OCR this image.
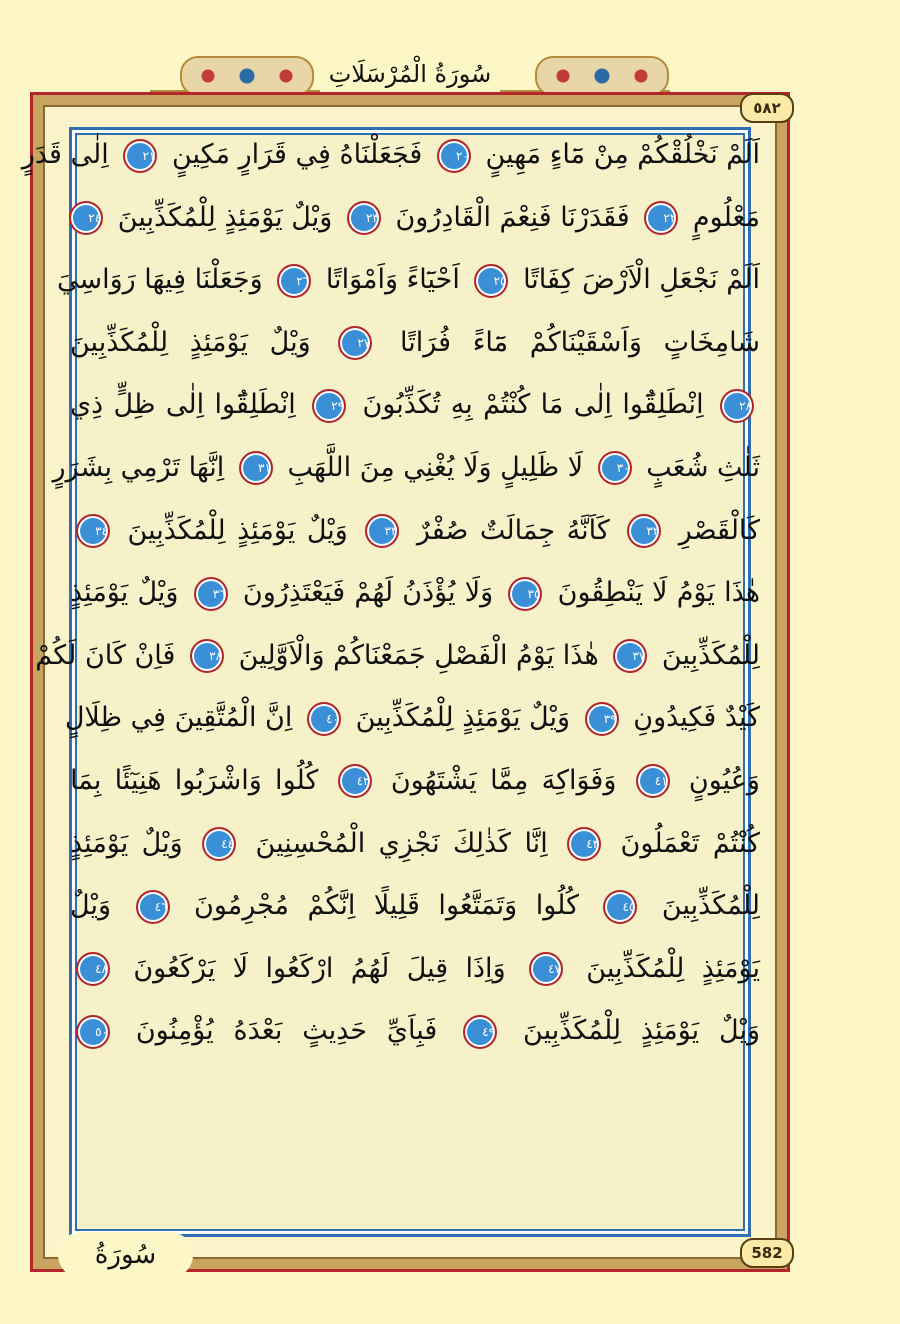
سُورَةُ الْمُرْسَلَاتِ
٥٨٢
اَلَمْ نَخْلُقْكُمْ مِنْ مَٓاءٍ مَهِينٍ ٢٠ فَجَعَلْنَاهُ فِي قَرَارٍ مَكِينٍ ٢١ اِلٰى قَدَرٍ
مَعْلُومٍ ٢٢ فَقَدَرْنَا فَنِعْمَ الْقَادِرُونَ ٢٣ وَيْلٌ يَوْمَئِذٍ لِلْمُكَذِّبِينَ ٢٤
اَلَمْ نَجْعَلِ الْاَرْضَ كِفَاتًا ٢٥ اَحْيَٓاءً وَاَمْوَاتًا ٢٦ وَجَعَلْنَا فِيهَا رَوَاسِيَ
شَامِخَاتٍ وَاَسْقَيْنَاكُمْ مَٓاءً فُرَاتًا ٢٧ وَيْلٌ يَوْمَئِذٍ لِلْمُكَذِّبِينَ
٢٨ اِنْطَلِقُٓوا اِلٰى مَا كُنْتُمْ بِهِ تُكَذِّبُونَ ٢٩ اِنْطَلِقُٓوا اِلٰى ظِلٍّ ذِي
ثَلٰثِ شُعَبٍ ٣٠ لَا ظَلِيلٍ وَلَا يُغْنِي مِنَ اللَّهَبِ ٣١ اِنَّهَا تَرْمِي بِشَرَرٍ
كَالْقَصْرِ ٣٢ كَاَنَّهُ جِمَالَتٌ صُفْرٌ ٣٣ وَيْلٌ يَوْمَئِذٍ لِلْمُكَذِّبِينَ ٣٤
هٰذَا يَوْمُ لَا يَنْطِقُونَ ٣٥ وَلَا يُؤْذَنُ لَهُمْ فَيَعْتَذِرُونَ ٣٦ وَيْلٌ يَوْمَئِذٍ
لِلْمُكَذِّبِينَ ٣٧ هٰذَا يَوْمُ الْفَصْلِ جَمَعْنَاكُمْ وَالْاَوَّلِينَ ٣٨ فَاِنْ كَانَ لَكُمْ
كَيْدٌ فَكِيدُونِ ٣٩ وَيْلٌ يَوْمَئِذٍ لِلْمُكَذِّبِينَ ٤٠ اِنَّ الْمُتَّقِينَ فِي ظِلَالٍ
وَعُيُونٍ ٤١ وَفَوَاكِهَ مِمَّا يَشْتَهُونَ ٤٢ كُلُوا وَاشْرَبُوا هَنِيٓئًا بِمَا
كُنْتُمْ تَعْمَلُونَ ٤٣ اِنَّا كَذٰلِكَ نَجْزِي الْمُحْسِنِينَ ٤٤ وَيْلٌ يَوْمَئِذٍ
لِلْمُكَذِّبِينَ ٤٥ كُلُوا وَتَمَتَّعُوا قَلِيلًا اِنَّكُمْ مُجْرِمُونَ ٤٦ وَيْلٌ
يَوْمَئِذٍ لِلْمُكَذِّبِينَ ٤٧ وَاِذَا قِيلَ لَهُمُ ارْكَعُوا لَا يَرْكَعُونَ ٤٨
وَيْلٌ يَوْمَئِذٍ لِلْمُكَذِّبِينَ ٤٩ فَبِاَيِّ حَدِيثٍ بَعْدَهُ يُؤْمِنُونَ ٥٠
582
سُورَةُ
